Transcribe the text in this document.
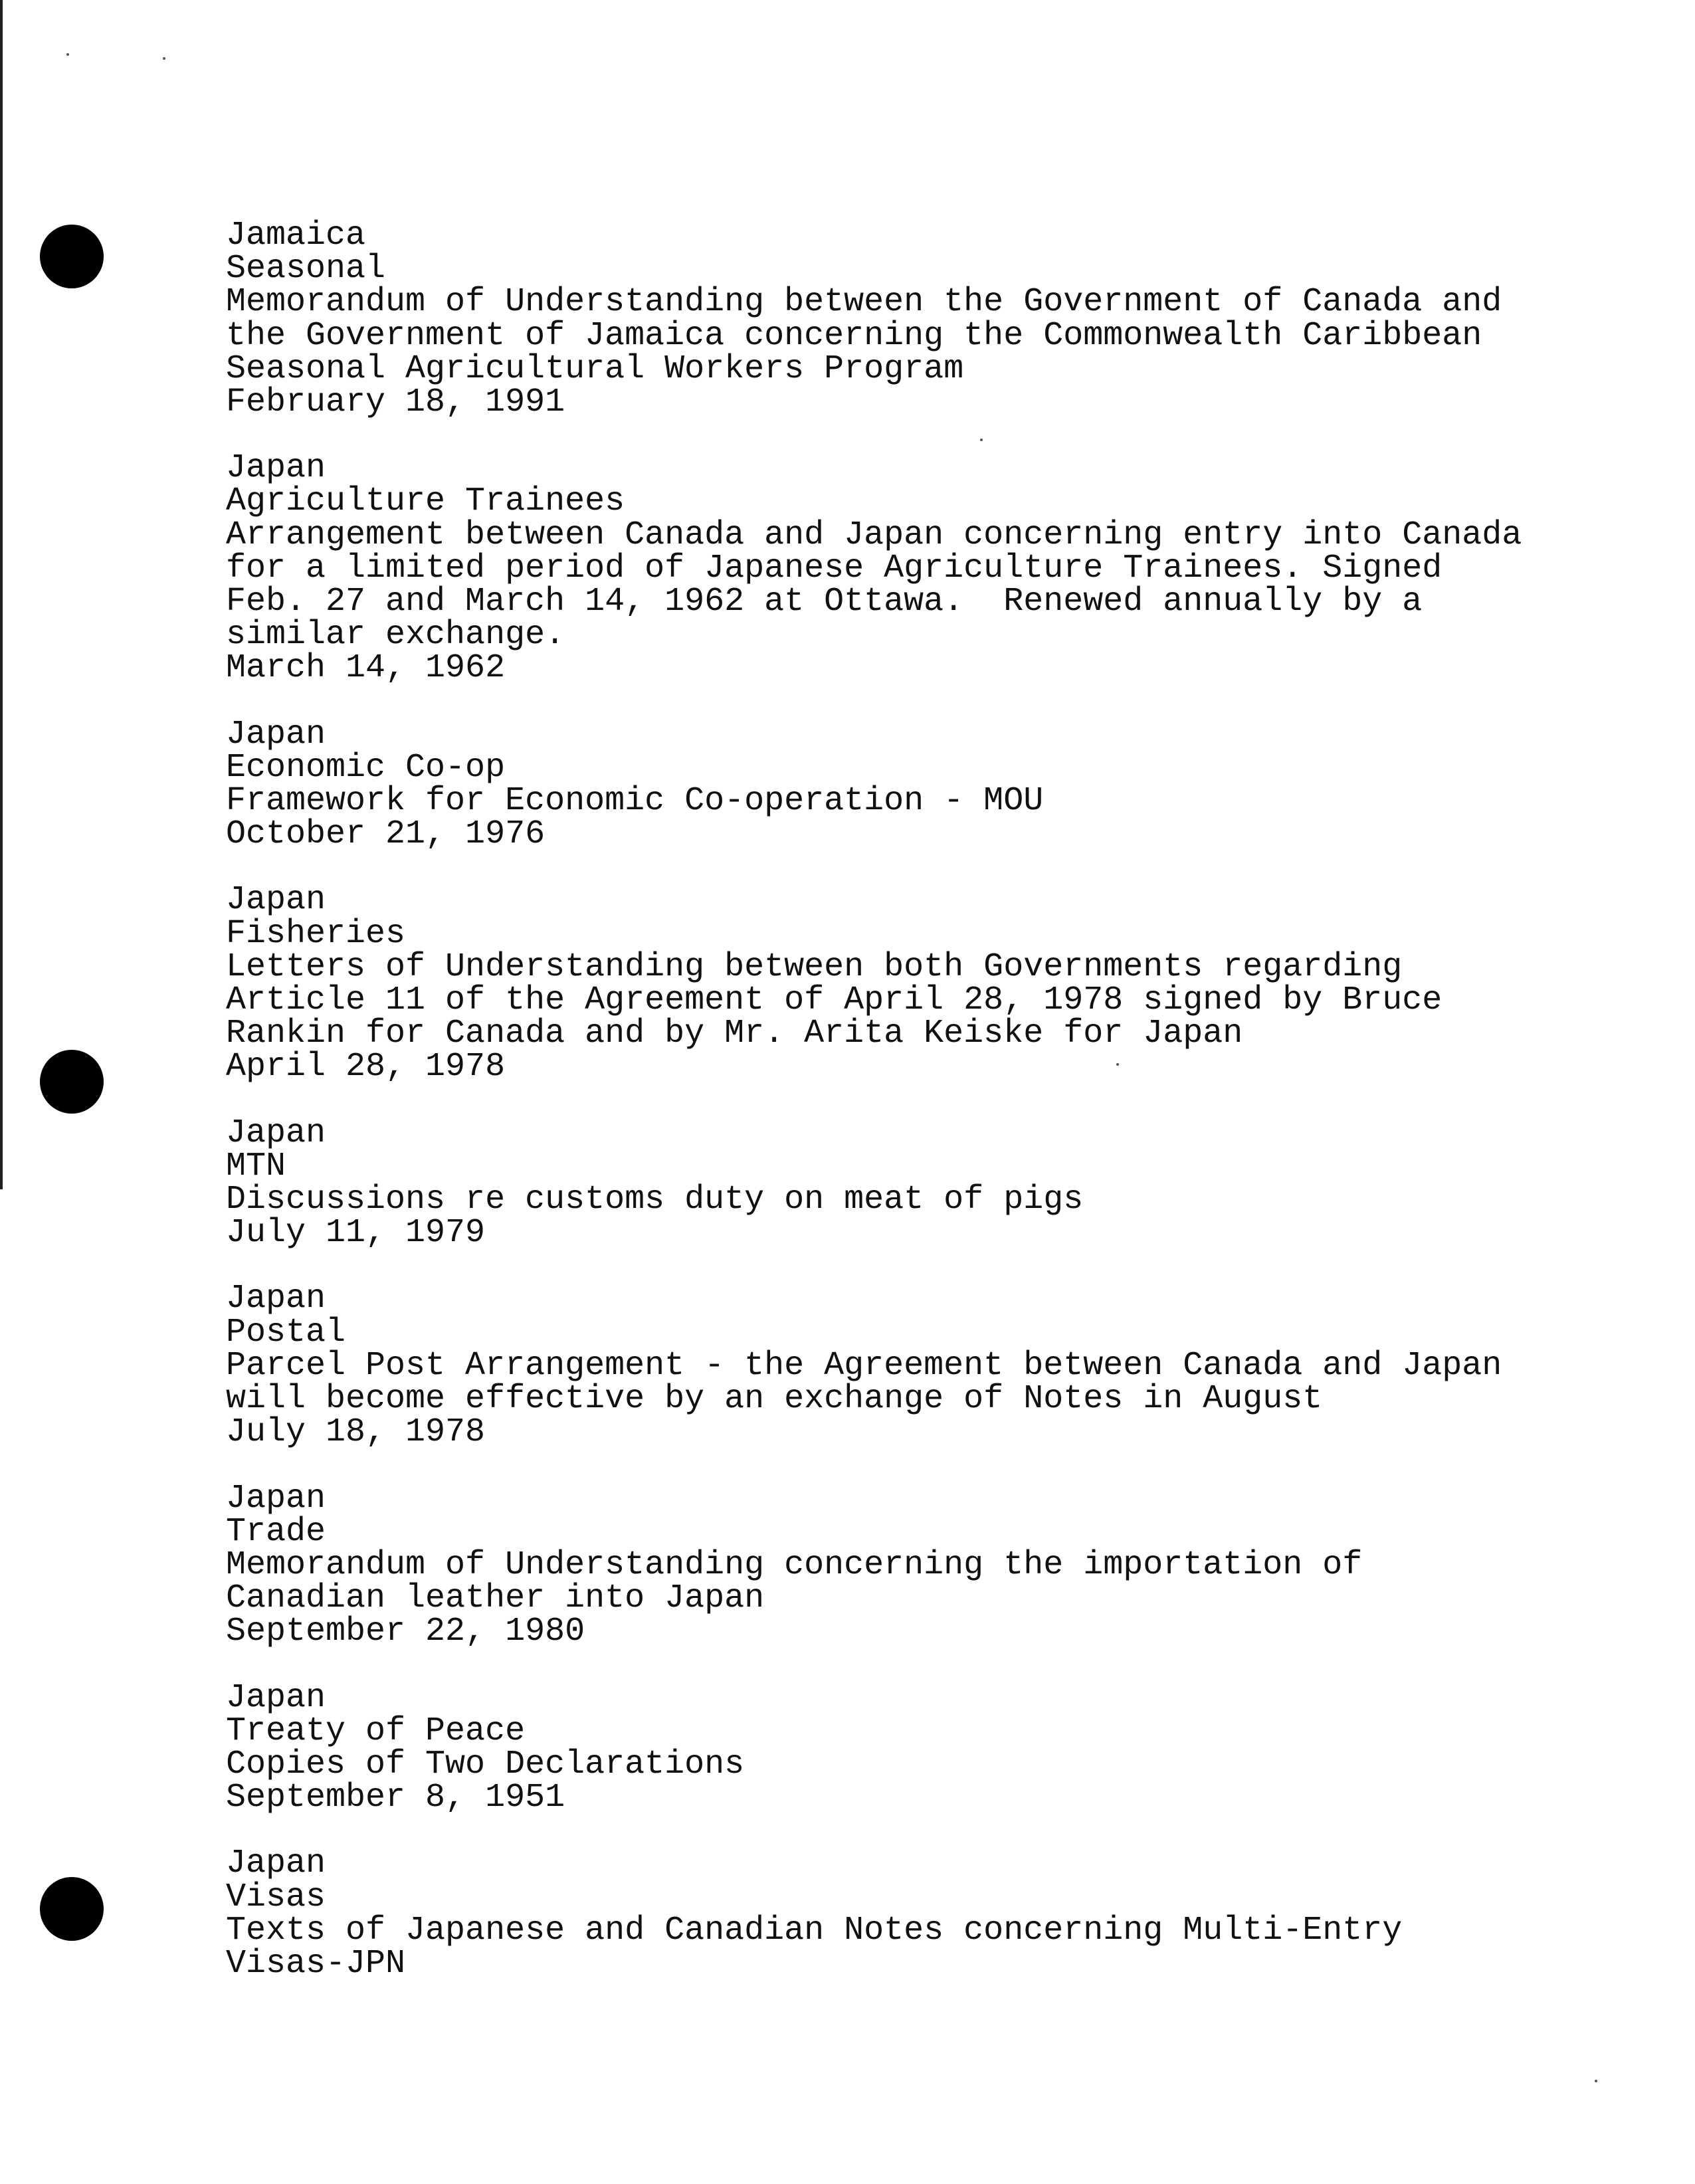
Jamaica
Seasonal
Memorandum of Understanding between the Government of Canada and
the Government of Jamaica concerning the Commonwealth Caribbean
Seasonal Agricultural Workers Program
February 18, 1991
Japan
Agriculture Trainees
Arrangement between Canada and Japan concerning entry into Canada
for a limited period of Japanese Agriculture Trainees. Signed
Feb. 27 and March 14, 1962 at Ottawa.  Renewed annually by a
similar exchange.
March 14, 1962
Japan
Economic Co-op
Framework for Economic Co-operation - MOU
October 21, 1976
Japan
Fisheries
Letters of Understanding between both Governments regarding
Article 11 of the Agreement of April 28, 1978 signed by Bruce
Rankin for Canada and by Mr. Arita Keiske for Japan
April 28, 1978
Japan
MTN
Discussions re customs duty on meat of pigs
July 11, 1979
Japan
Postal
Parcel Post Arrangement - the Agreement between Canada and Japan
will become effective by an exchange of Notes in August
July 18, 1978
Japan
Trade
Memorandum of Understanding concerning the importation of
Canadian leather into Japan
September 22, 1980
Japan
Treaty of Peace
Copies of Two Declarations
September 8, 1951
Japan
Visas
Texts of Japanese and Canadian Notes concerning Multi-Entry
Visas-JPN
